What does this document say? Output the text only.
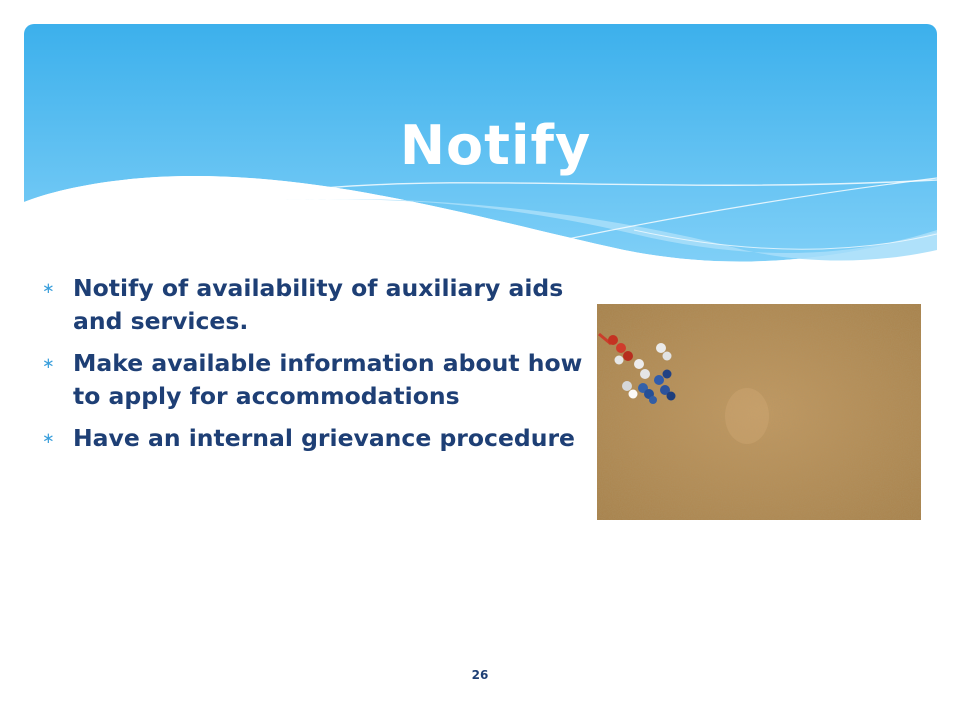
Notify
∗ Notify of availability of auxiliary aids and services.
∗ Make available information about how to apply for accommodations
∗ Have an internal grievance procedure
26
